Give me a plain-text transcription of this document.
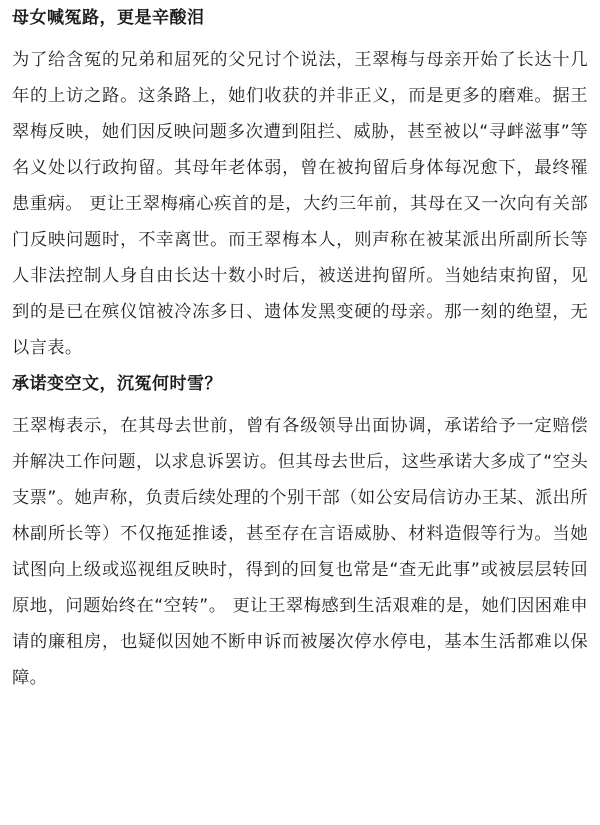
母女喊冤路，更是辛酸泪

为了给含冤的兄弟和屈死的父兄讨个说法，王翠梅与母亲开始了长达十几年的上访之路。这条路上，她们收获的并非正义，而是更多的磨难。据王翠梅反映，她们因反映问题多次遭到阻拦、威胁，甚至被以“寻衅滋事”等名义处以行政拘留。其母年老体弱，曾在被拘留后身体每况愈下，最终罹患重病。 更让王翠梅痛心疾首的是，大约三年前，其母在又一次向有关部门反映问题时，不幸离世。而王翠梅本人，则声称在被某派出所副所长等人非法控制人身自由长达十数小时后，被送进拘留所。当她结束拘留，见到的是已在殡仪馆被冷冻多日、遗体发黑变硬的母亲。那一刻的绝望，无以言表。

承诺变空文，沉冤何时雪？

王翠梅表示，在其母去世前，曾有各级领导出面协调，承诺给予一定赔偿并解决工作问题，以求息诉罢访。但其母去世后，这些承诺大多成了“空头支票”。她声称，负责后续处理的个别干部（如公安局信访办王某、派出所林副所长等）不仅拖延推诿，甚至存在言语威胁、材料造假等行为。当她试图向上级或巡视组反映时，得到的回复也常是“查无此事”或被层层转回原地，问题始终在“空转”。 更让王翠梅感到生活艰难的是，她们因困难申请的廉租房，也疑似因她不断申诉而被屡次停水停电，基本生活都难以保障。
